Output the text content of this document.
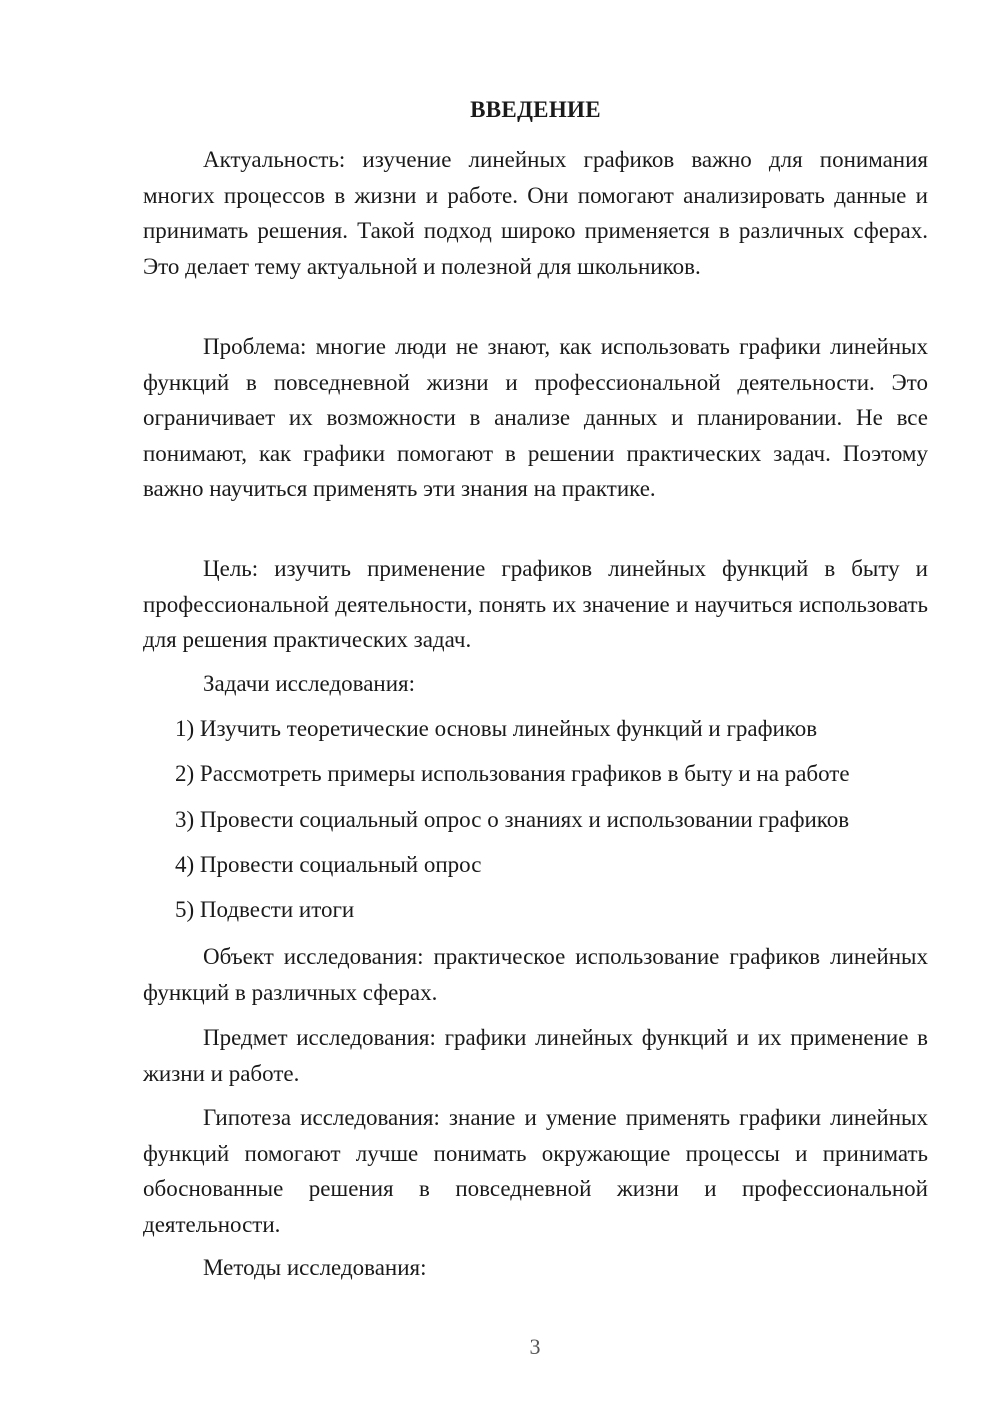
ВВЕДЕНИЕ

Актуальность: изучение линейных графиков важно для понимания многих процессов в жизни и работе. Они помогают анализировать данные и принимать решения. Такой подход широко применяется в различных сферах. Это делает тему актуальной и полезной для школьников.

Проблема: многие люди не знают, как использовать графики линейных функций в повседневной жизни и профессиональной деятельности. Это ограничивает их возможности в анализе данных и планировании. Не все понимают, как графики помогают в решении практических задач. Поэтому важно научиться применять эти знания на практике.

Цель: изучить применение графиков линейных функций в быту и профессиональной деятельности, понять их значение и научиться использовать для решения практических задач.

Задачи исследования:
1) Изучить теоретические основы линейных функций и графиков
2) Рассмотреть примеры использования графиков в быту и на работе
3) Провести социальный опрос о знаниях и использовании графиков
4) Провести социальный опрос
5) Подвести итоги

Объект исследования: практическое использование графиков линейных функций в различных сферах.

Предмет исследования: графики линейных функций и их применение в жизни и работе.

Гипотеза исследования: знание и умение применять графики линейных функций помогают лучше понимать окружающие процессы и принимать обоснованные решения в повседневной жизни и профессиональной деятельности.

Методы исследования:
3
